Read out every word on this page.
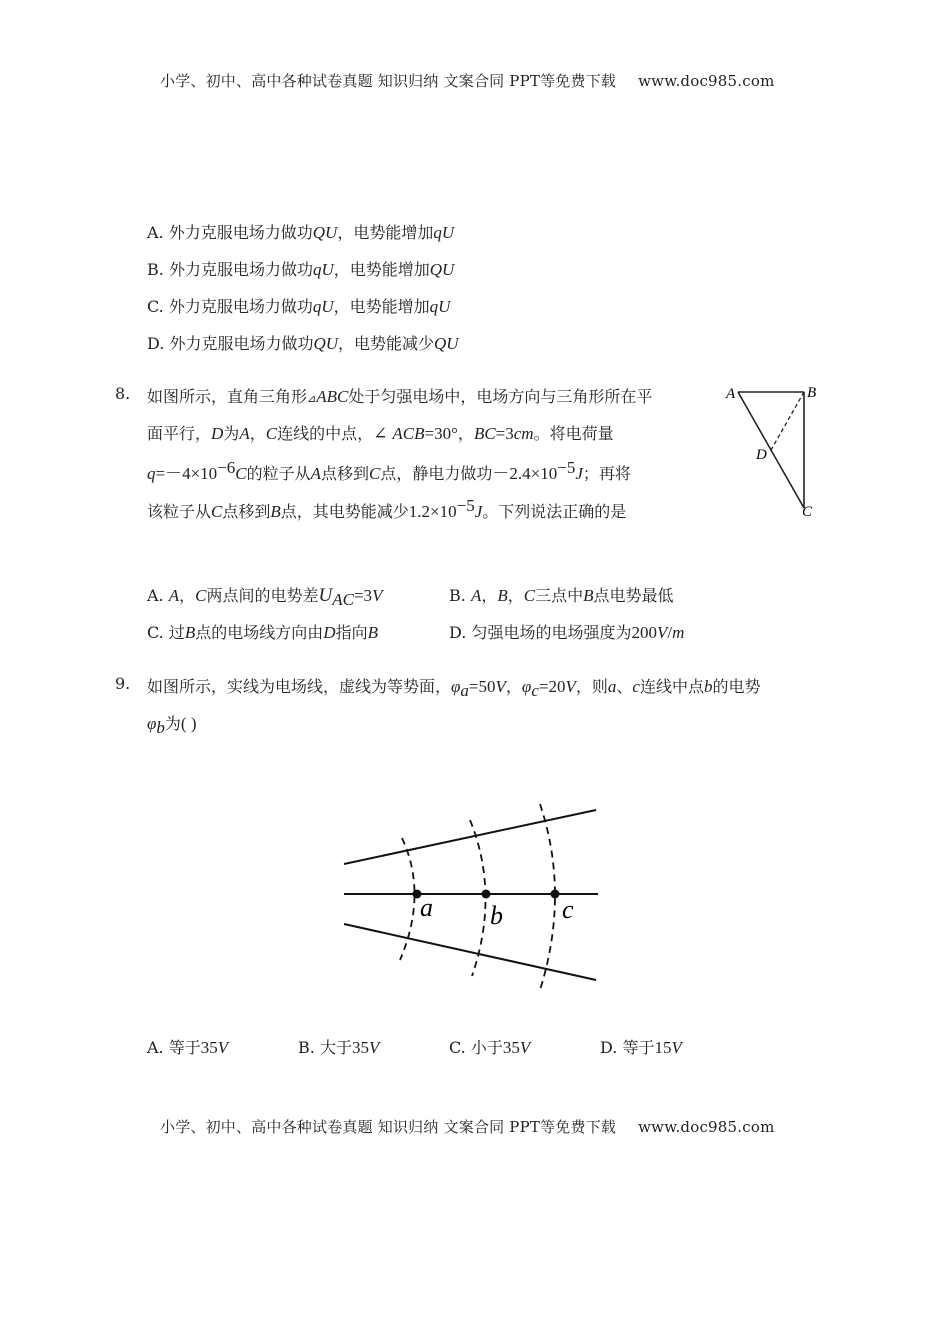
小学、初中、高中各种试卷真题 知识归纳 文案合同 PPT等免费下载 www.doc985.com
A. 外力克服电场力做功QU，电势能增加qU
B. 外力克服电场力做功qU，电势能增加QU
C. 外力克服电场力做功qU，电势能增加qU
D. 外力克服电场力做功QU，电势能减少QU
8. 如图所示，直角三角形⊿ABC处于匀强电场中，电场方向与三角形所在平
面平行，D为A，C连线的中点，∠ ACB=30°，BC=3cm。将电荷量
$q=-4\times 10^{-6}C$的粒子从A点移到C点，静电力做功$-2.4\times 10^{-5}J$；再将
该粒子从C点移到B点，其电势能减少$1.2\times 10^{-5}J$。下列说法正确的是
A	B
C
D
A. A，C两点间的电势差$U_{AC}=3V$	B. A，B，C三点中B点电势最低
C. 过B点的电场线方向由D指向B	D. 匀强电场的电场强度为200V/m
9. 如图所示，实线为电场线，虚线为等势面，$\varphi_a=50V$，$\varphi_c=20V$，则a、c连线中点b的电势
$\varphi_b$为( )
a b c
A. 等于35V	B. 大于35V	C. 小于35V	D. 等于15V
小学、初中、高中各种试卷真题 知识归纳 文案合同 PPT等免费下载 www.doc985.com
